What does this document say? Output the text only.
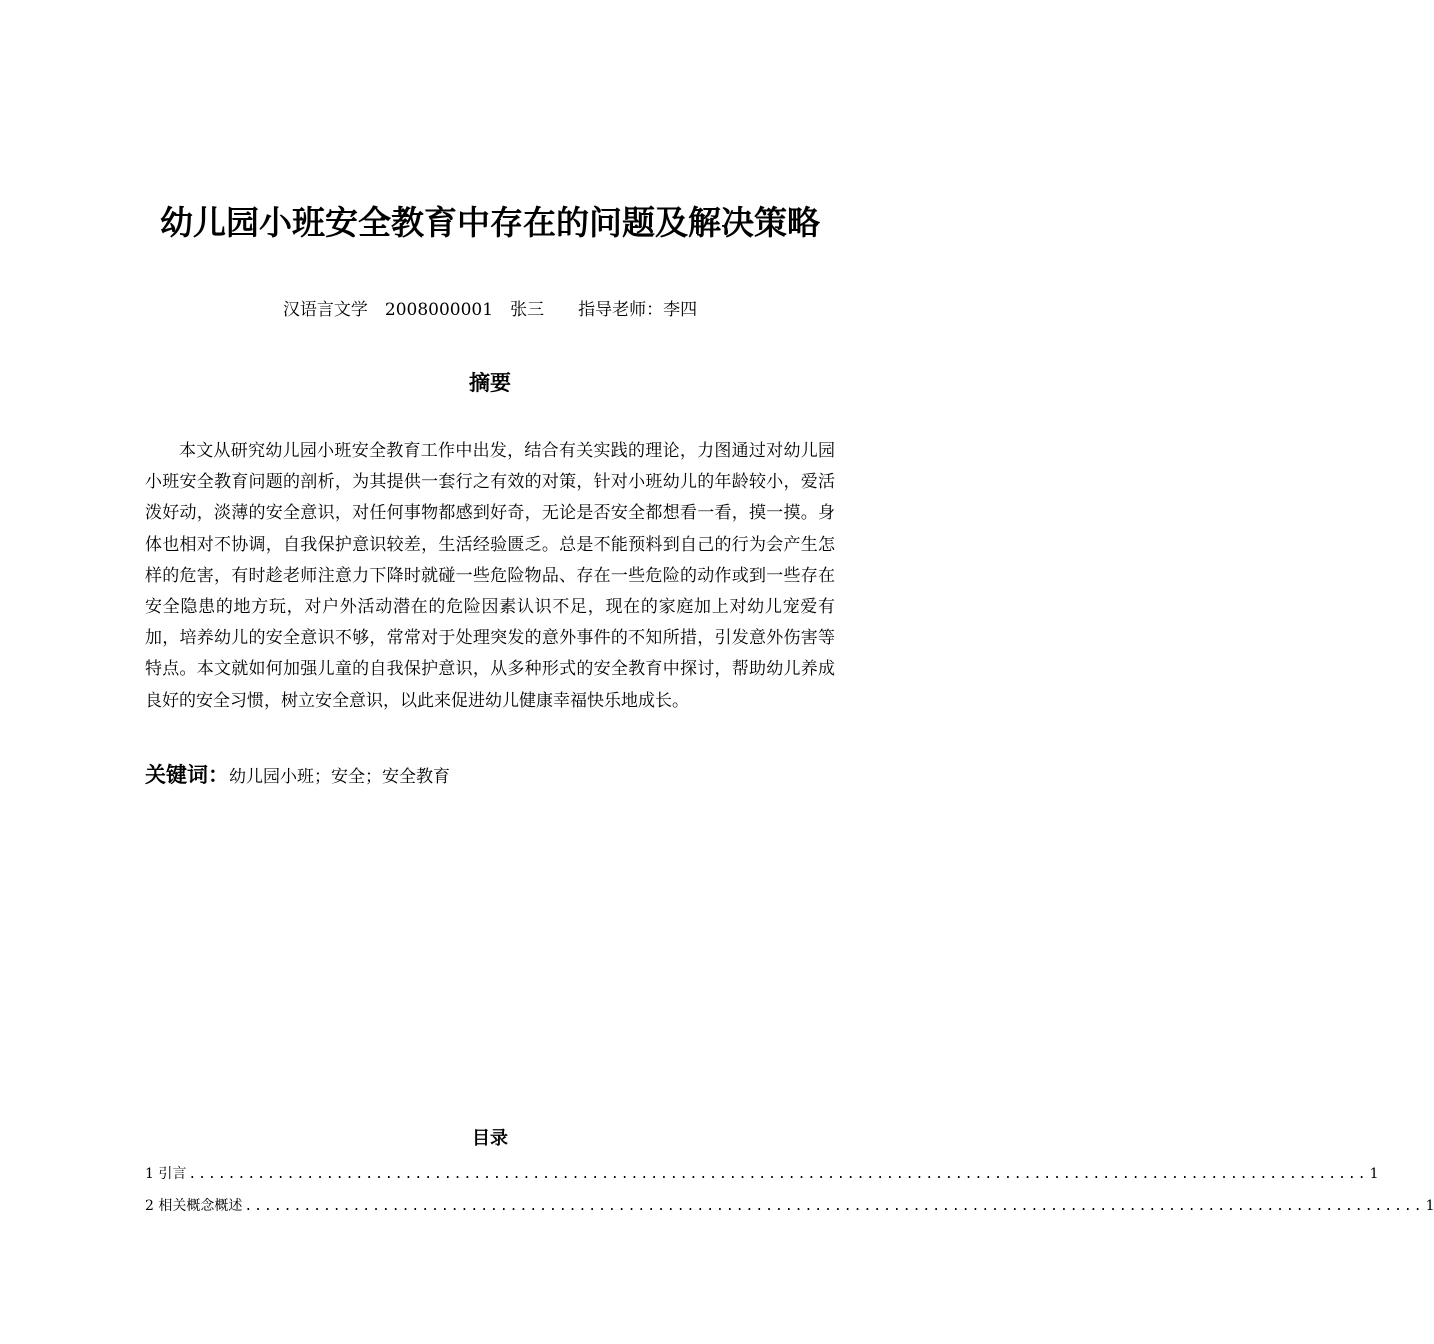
幼儿园小班安全教育中存在的问题及解决策略
汉语言文学　2008000001　张三　　指导老师：李四
摘要

本文从研究幼儿园小班安全教育工作中出发，结合有关实践的理论，力图通过对幼儿园小班安全教育问题的剖析，为其提供一套行之有效的对策，针对小班幼儿的年龄较小，爱活泼好动，淡薄的安全意识，对任何事物都感到好奇，无论是否安全都想看一看，摸一摸。身体也相对不协调，自我保护意识较差，生活经验匮乏。总是不能预料到自己的行为会产生怎样的危害，有时趁老师注意力下降时就碰一些危险物品、存在一些危险的动作或到一些存在安全隐患的地方玩，对户外活动潜在的危险因素认识不足，现在的家庭加上对幼儿宠爱有加，培养幼儿的安全意识不够，常常对于处理突发的意外事件的不知所措，引发意外伤害等特点。本文就如何加强儿童的自我保护意识，从多种形式的安全教育中探讨，帮助幼儿养成良好的安全习惯，树立安全意识，以此来促进幼儿健康幸福快乐地成长。

关键词：幼儿园小班；安全；安全教育
目录
1 引言 ........................................................................................................................ 1
2 相关概念概述 ........................................................................................................................ 1
